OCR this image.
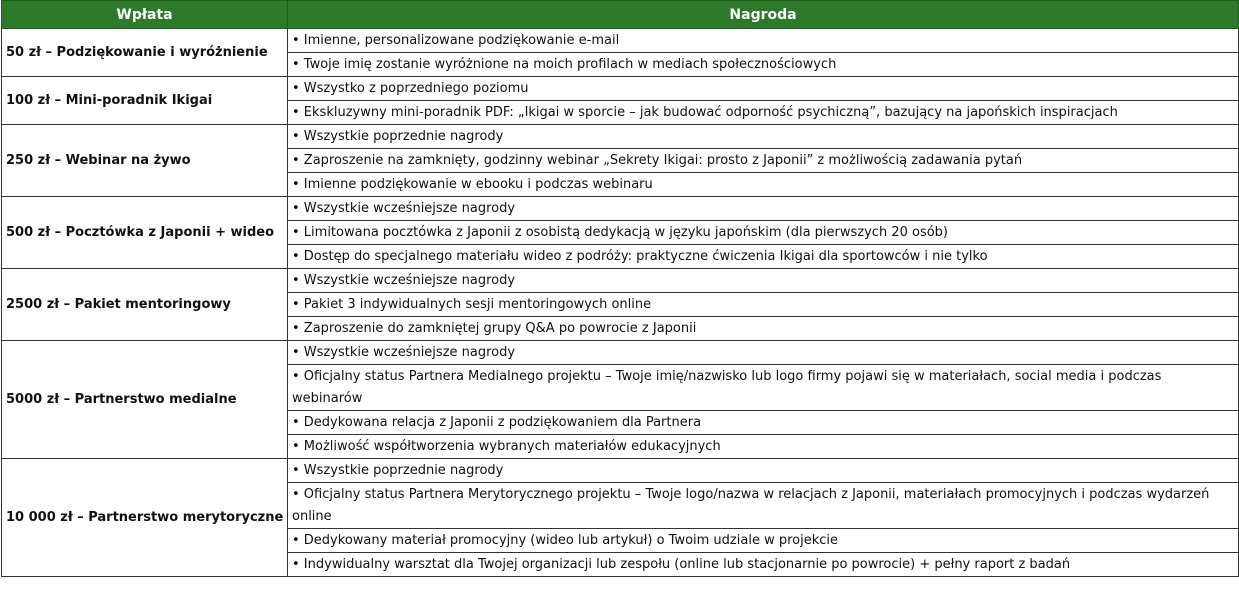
Wpłata	Nagroda
50 zł – Podziękowanie i wyróżnienie	• Imienne, personalizowane podziękowanie e-mail
	• Twoje imię zostanie wyróżnione na moich profilach w mediach społecznościowych
100 zł – Mini-poradnik Ikigai	• Wszystko z poprzedniego poziomu
	• Ekskluzywny mini-poradnik PDF: „Ikigai w sporcie – jak budować odporność psychiczną”, bazujący na japońskich inspiracjach
250 zł – Webinar na żywo	• Wszystkie poprzednie nagrody
	• Zaproszenie na zamknięty, godzinny webinar „Sekrety Ikigai: prosto z Japonii” z możliwością zadawania pytań
	• Imienne podziękowanie w ebooku i podczas webinaru
500 zł – Pocztówka z Japonii + wideo	• Wszystkie wcześniejsze nagrody
	• Limitowana pocztówka z Japonii z osobistą dedykacją w języku japońskim (dla pierwszych 20 osób)
	• Dostęp do specjalnego materiału wideo z podróży: praktyczne ćwiczenia Ikigai dla sportowców i nie tylko
2500 zł – Pakiet mentoringowy	• Wszystkie wcześniejsze nagrody
	• Pakiet 3 indywidualnych sesji mentoringowych online
	• Zaproszenie do zamkniętej grupy Q&A po powrocie z Japonii
5000 zł – Partnerstwo medialne	• Wszystkie wcześniejsze nagrody
	• Oficjalny status Partnera Medialnego projektu – Twoje imię/nazwisko lub logo firmy pojawi się w materiałach, social media i podczas webinarów
	• Dedykowana relacja z Japonii z podziękowaniem dla Partnera
	• Możliwość współtworzenia wybranych materiałów edukacyjnych
10 000 zł – Partnerstwo merytoryczne	• Wszystkie poprzednie nagrody
	• Oficjalny status Partnera Merytorycznego projektu – Twoje logo/nazwa w relacjach z Japonii, materiałach promocyjnych i podczas wydarzeń online
	• Dedykowany materiał promocyjny (wideo lub artykuł) o Twoim udziale w projekcie
	• Indywidualny warsztat dla Twojej organizacji lub zespołu (online lub stacjonarnie po powrocie) + pełny raport z badań
